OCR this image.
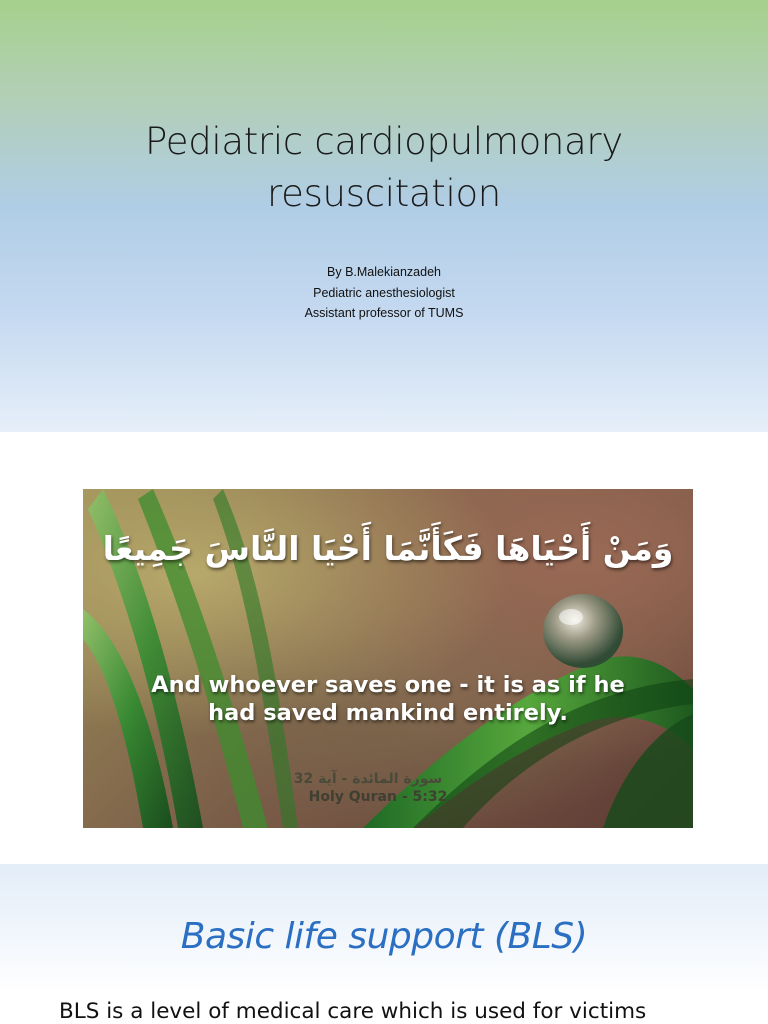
Pediatric cardiopulmonary
resuscitation
By B.Malekianzadeh
Pediatric anesthesiologist
Assistant professor of TUMS
وَمَنْ أَحْيَاهَا فَكَأَنَّمَا أَحْيَا النَّاسَ جَمِيعًا
And whoever saves one - it is as if he
had saved mankind entirely.
سورة المائدة - آية 32
Holy Quran - 5:32
Basic life support (BLS)
BLS is a level of medical care which is used for victims
